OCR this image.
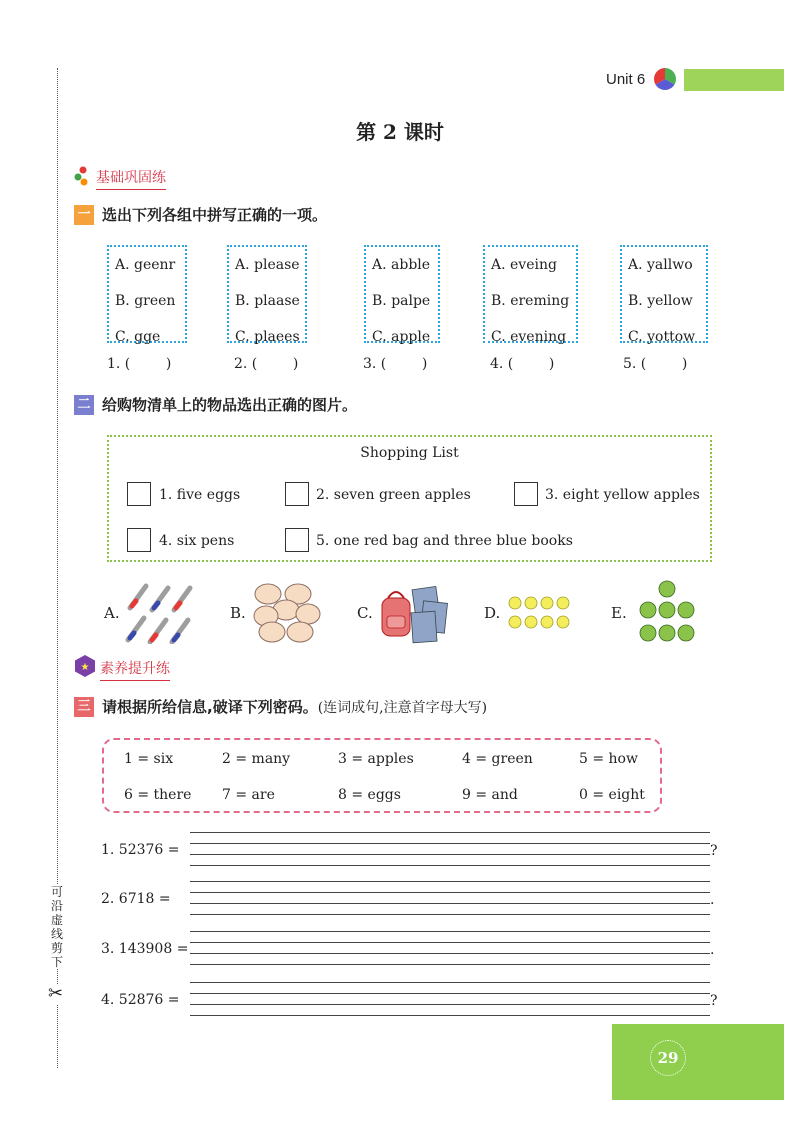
可沿虚线剪下
✂
Unit 6
第 2 课时
基础巩固练
一 选出下列各组中拼写正确的一项。
A. geenr
B. green
C. gge
A. please
B. plaase
C. plaees
A. abble
B. palpe
C. apple
A. eveing
B. ereming
C. evening
A. yallwo
B. yellow
C. yottow
1. (        )	2. (        )	3. (        )	4. (        )	5. (        )
二 给购物清单上的物品选出正确的图片。
Shopping List
1. five eggs	2. seven green apples	3. eight yellow apples
4. six pens	5. one red bag and three blue books
A.	B.	C.	D.	E.
★ 素养提升练
三 请根据所给信息,破译下列密码。 (连词成句,注意首字母大写)
1 = six	2 = many	3 = apples	4 = green	5 = how
6 = there 7 = are	8 = eggs	9 = and	0 = eight
1. 52376 =	?
2. 6718 =	.
3. 143908 =	.
4. 52876 =	?
29
